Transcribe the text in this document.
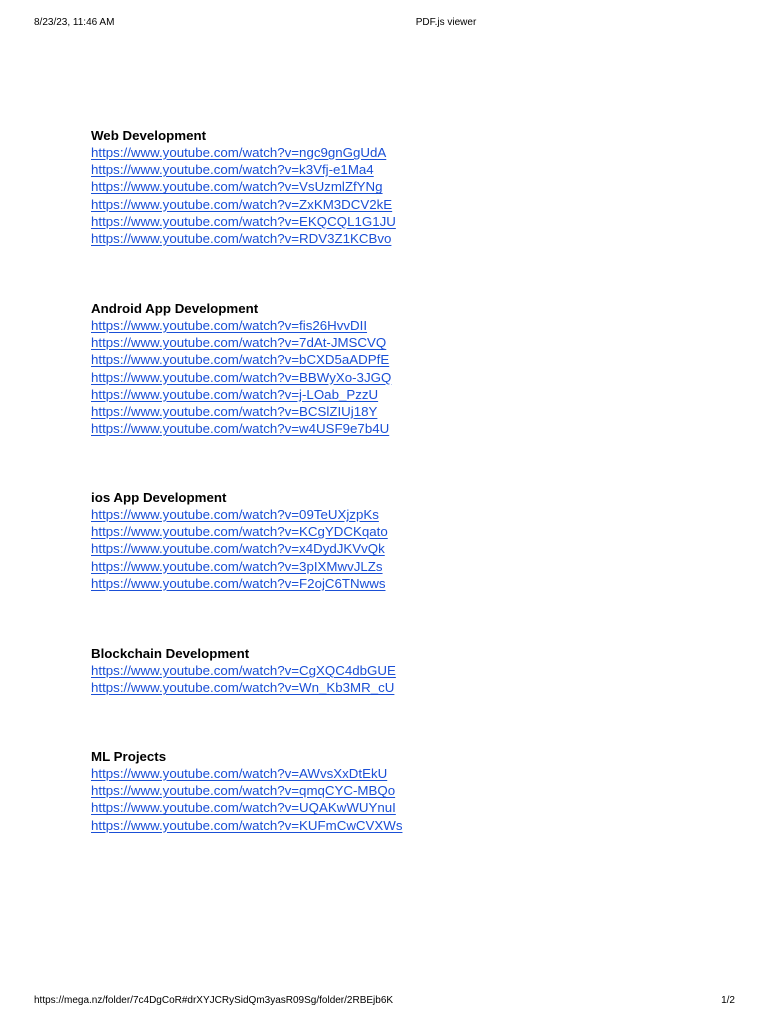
8/23/23, 11:46 AM	PDF.js viewer
Web Development
https://www.youtube.com/watch?v=ngc9gnGgUdA
https://www.youtube.com/watch?v=k3Vfj-e1Ma4
https://www.youtube.com/watch?v=VsUzmlZfYNg
https://www.youtube.com/watch?v=ZxKM3DCV2kE
https://www.youtube.com/watch?v=EKQCQL1G1JU
https://www.youtube.com/watch?v=RDV3Z1KCBvo
Android App Development
https://www.youtube.com/watch?v=fis26HvvDII
https://www.youtube.com/watch?v=7dAt-JMSCVQ
https://www.youtube.com/watch?v=bCXD5aADPfE
https://www.youtube.com/watch?v=BBWyXo-3JGQ
https://www.youtube.com/watch?v=j-LOab_PzzU
https://www.youtube.com/watch?v=BCSlZIUj18Y
https://www.youtube.com/watch?v=w4USF9e7b4U
ios App Development
https://www.youtube.com/watch?v=09TeUXjzpKs
https://www.youtube.com/watch?v=KCgYDCKqato
https://www.youtube.com/watch?v=x4DydJKVvQk
https://www.youtube.com/watch?v=3pIXMwvJLZs
https://www.youtube.com/watch?v=F2ojC6TNwws
Blockchain Development
https://www.youtube.com/watch?v=CgXQC4dbGUE
https://www.youtube.com/watch?v=Wn_Kb3MR_cU
ML Projects
https://www.youtube.com/watch?v=AWvsXxDtEkU
https://www.youtube.com/watch?v=qmqCYC-MBQo
https://www.youtube.com/watch?v=UQAKwWUYnuI
https://www.youtube.com/watch?v=KUFmCwCVXWs
https://mega.nz/folder/7c4DgCoR#drXYJCRySidQm3yasR09Sg/folder/2RBEjb6K	1/2
